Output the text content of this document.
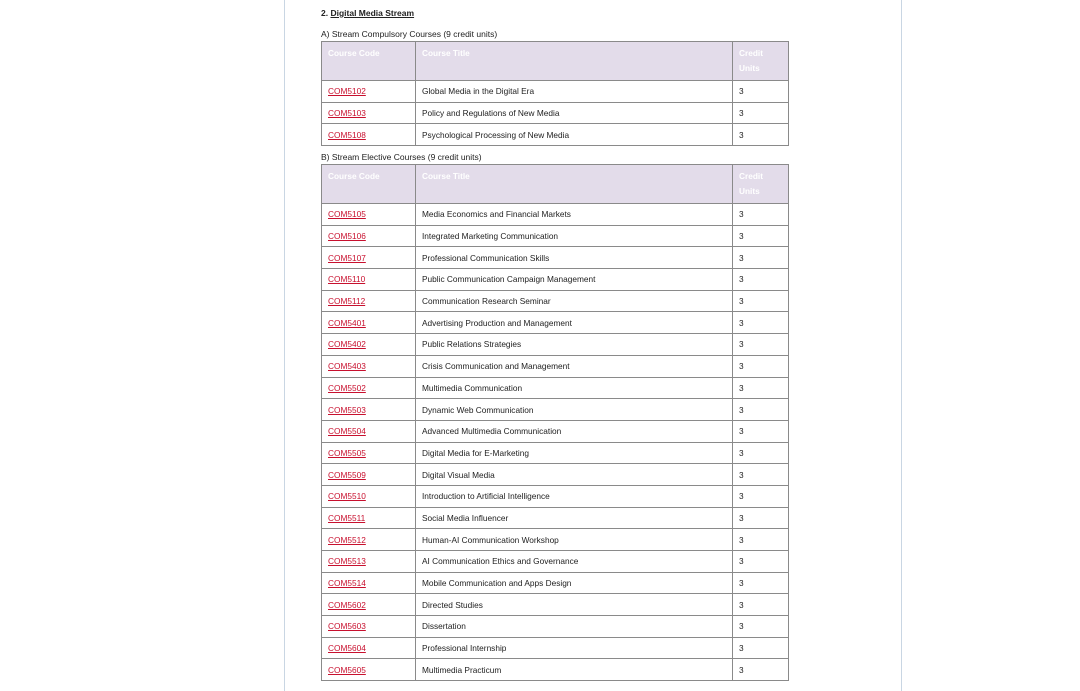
2. Digital Media Stream
A) Stream Compulsory Courses (9 credit units)
Course Code	Course Title	Credit
Units
COM5102	Global Media in the Digital Era	3
COM5103	Policy and Regulations of New Media	3
COM5108	Psychological Processing of New Media	3
B) Stream Elective Courses (9 credit units)
Course Code	Course Title	Credit
Units
COM5105	Media Economics and Financial Markets	3
COM5106	Integrated Marketing Communication	3
COM5107	Professional Communication Skills	3
COM5110	Public Communication Campaign Management	3
COM5112	Communication Research Seminar	3
COM5401	Advertising Production and Management	3
COM5402	Public Relations Strategies	3
COM5403	Crisis Communication and Management	3
COM5502	Multimedia Communication	3
COM5503	Dynamic Web Communication	3
COM5504	Advanced Multimedia Communication	3
COM5505	Digital Media for E-Marketing	3
COM5509	Digital Visual Media	3
COM5510	Introduction to Artificial Intelligence	3
COM5511	Social Media Influencer	3
COM5512	Human-AI Communication Workshop	3
COM5513	AI Communication Ethics and Governance	3
COM5514	Mobile Communication and Apps Design	3
COM5602	Directed Studies	3
COM5603	Dissertation	3
COM5604	Professional Internship	3
COM5605	Multimedia Practicum	3
